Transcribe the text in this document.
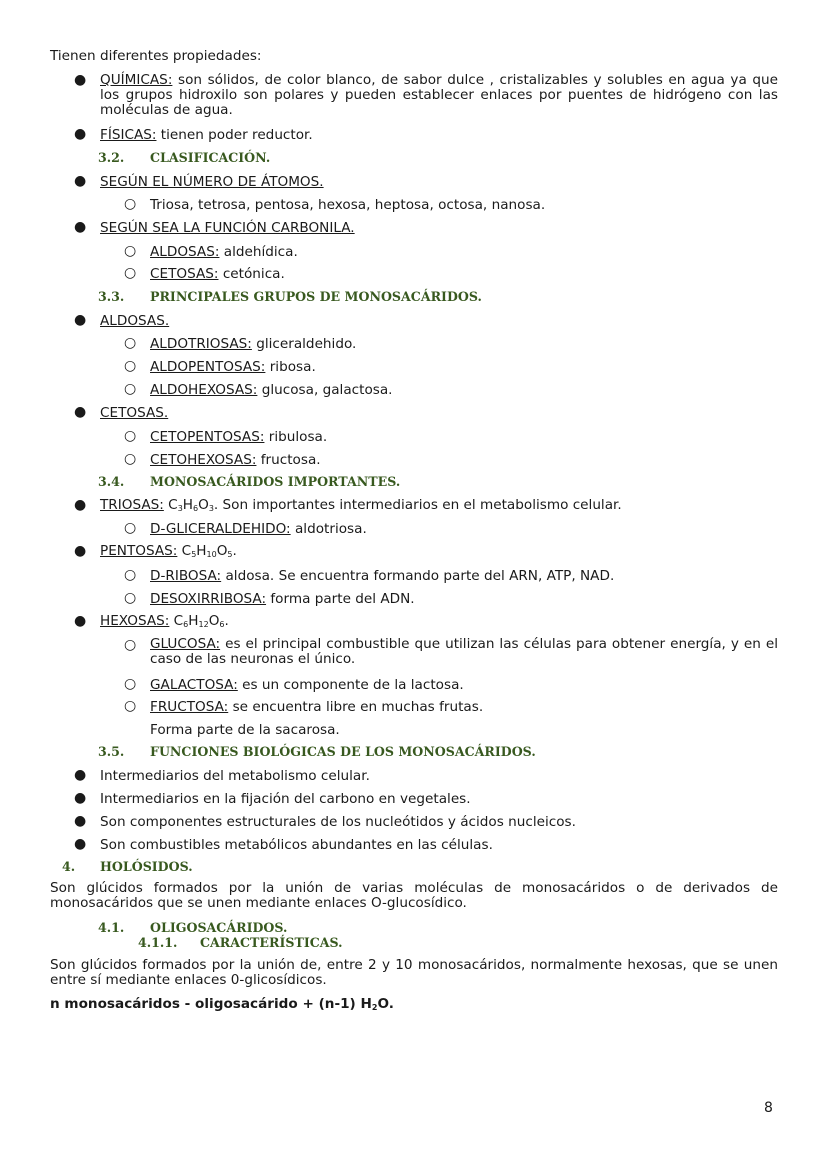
Tienen diferentes propiedades:

● QUÍMICAS: son sólidos, de color blanco, de sabor dulce , cristalizables y solubles en agua ya que los grupos hidroxilo son polares y pueden establecer enlaces por puentes de hidrógeno con las moléculas de agua.

● FÍSICAS: tienen poder reductor.

3.2. CLASIFICACIÓN.
● SEGÚN EL NÚMERO DE ÁTOMOS.

○ Triosa, tetrosa, pentosa, hexosa, heptosa, octosa, nanosa.

● SEGÚN SEA LA FUNCIÓN CARBONILA.

○ ALDOSAS: aldehídica.

○ CETOSAS: cetónica.

3.3. PRINCIPALES GRUPOS DE MONOSACÁRIDOS.
● ALDOSAS.

○ ALDOTRIOSAS: gliceraldehido.

○ ALDOPENTOSAS: ribosa.

○ ALDOHEXOSAS: glucosa, galactosa.

● CETOSAS.

○ CETOPENTOSAS: ribulosa.

○ CETOHEXOSAS: fructosa.

3.4. MONOSACÁRIDOS IMPORTANTES.
● TRIOSAS: $C_3H_6O_3$. Son importantes intermediarios en el metabolismo celular.

○ D-GLICERALDEHIDO: aldotriosa.

● PENTOSAS: $C_5H_{10}O_5$.

○ D-RIBOSA: aldosa. Se encuentra formando parte del ARN, ATP, NAD.

○ DESOXIRRIBOSA: forma parte del ADN.

● HEXOSAS: $C_6H_{12}O_6$.

○ GLUCOSA: es el principal combustible que utilizan las células para obtener energía, y en el caso de las neuronas el único.

○ GALACTOSA: es un componente de la lactosa.

○ FRUCTOSA: se encuentra libre en muchas frutas.

Forma parte de la sacarosa.

3.5. FUNCIONES BIOLÓGICAS DE LOS MONOSACÁRIDOS.
● Intermediarios del metabolismo celular.

● Intermediarios en la fijación del carbono en vegetales.

● Son componentes estructurales de los nucleótidos y ácidos nucleicos.

● Son combustibles metabólicos abundantes en las células.

4. HOLÓSIDOS.

Son glúcidos formados por la unión de varias moléculas de monosacáridos o de derivados de monosacáridos que se unen mediante enlaces O-glucosídico.

4.1. OLIGOSACÁRIDOS.
4.1.1. CARACTERÍSTICAS.

Son glúcidos formados por la unión de, entre 2 y 10 monosacáridos, normalmente hexosas, que se unen entre sí mediante enlaces 0-glicosídicos.

n monosacáridos - oligosacárido + (n-1) $H_2O$.

8
